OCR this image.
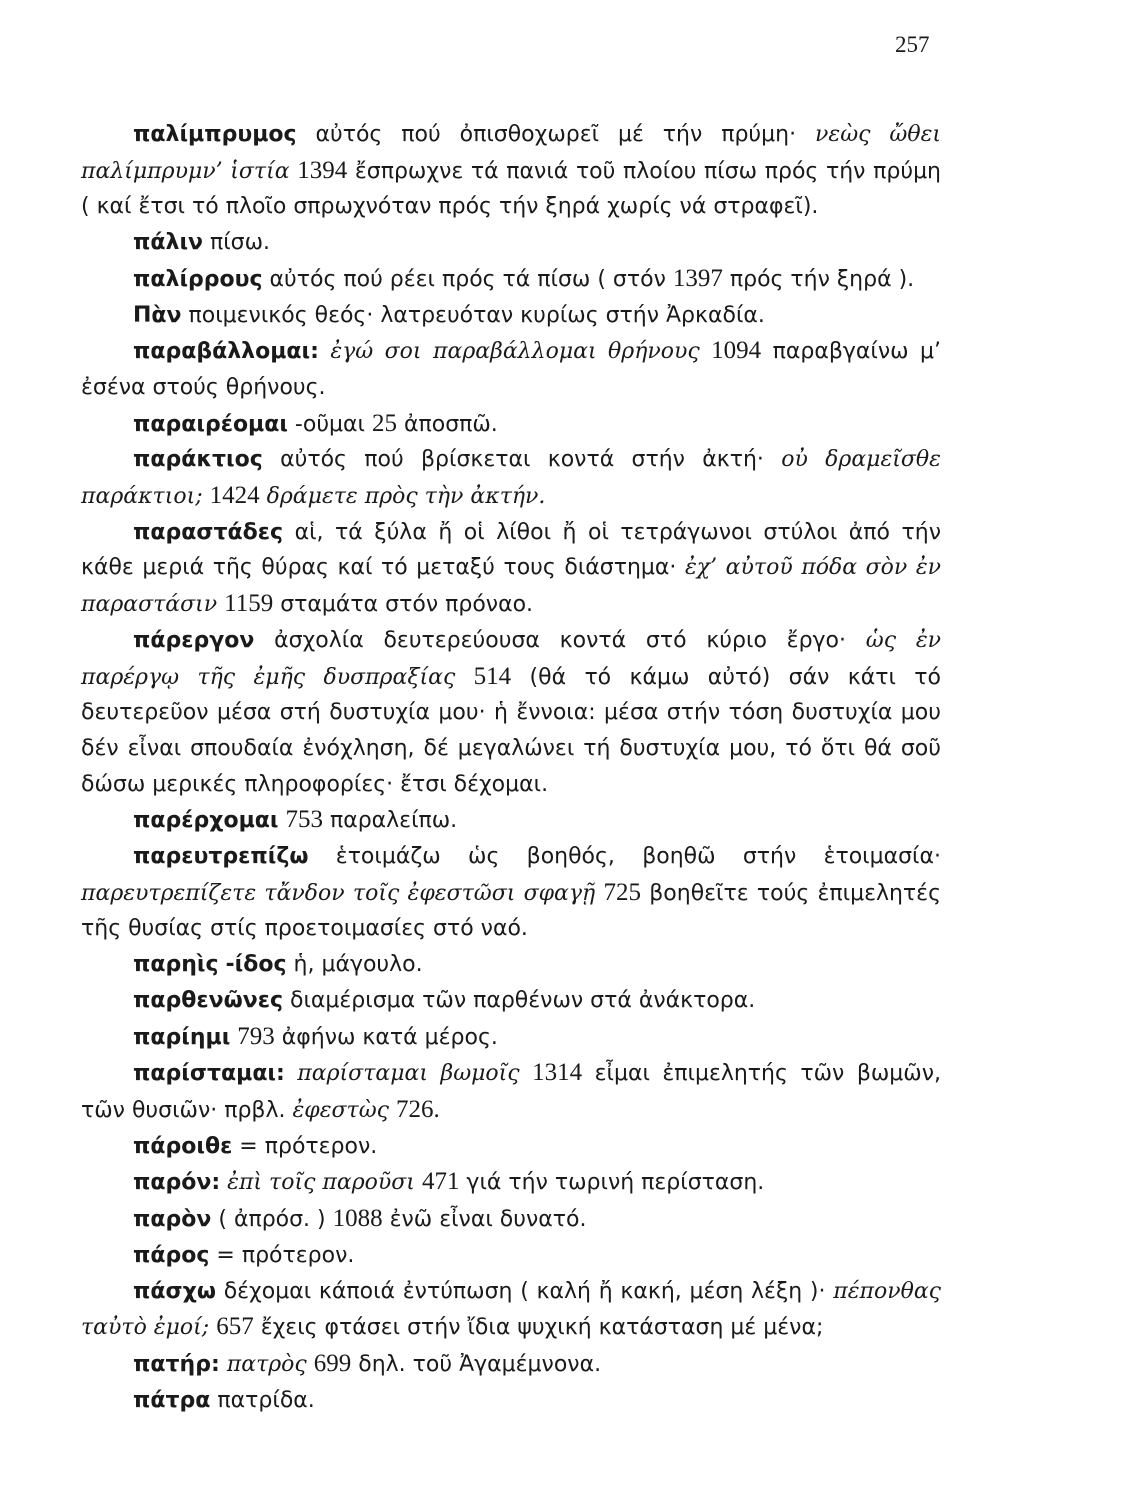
257

παλίμπρυμος αὐτός πού ὀπισθοχωρεῖ μέ τήν πρύμη· νεὼς ὤθει παλίμπρυμν’ ἱστία 1394 ἔσπρωχνε τά πανιά τοῦ πλοίου πίσω πρός τήν πρύμη ( καί ἔτσι τό πλοῖο σπρωχνόταν πρός τήν ξηρά χωρίς νά στραφεῖ).

πάλιν πίσω.

παλίρρους αὐτός πού ρέει πρός τά πίσω ( στόν 1397 πρός τήν ξηρά ).

Πὰν ποιμενικός θεός· λατρευόταν κυρίως στήν Ἀρκαδία.

παραβάλλομαι: ἐγώ σοι παραβάλλομαι θρήνους 1094 παραβγαίνω μ’ ἐσένα στούς θρήνους.

παραιρέομαι -οῦμαι 25 ἀποσπῶ.

παράκτιος αὐτός πού βρίσκεται κοντά στήν ἀκτή· οὐ δραμεῖσθε παράκτιοι; 1424 δράμετε πρὸς τὴν ἀκτήν.

παραστάδες αἱ, τά ξύλα ἤ οἱ λίθοι ἤ οἱ τετράγωνοι στύλοι ἀπό τήν κάθε μεριά τῆς θύρας καί τό μεταξύ τους διάστημα· ἐχ’ αὐτοῦ πόδα σὸν ἐν παραστάσιν 1159 σταμάτα στόν πρόναο.

πάρεργον ἀσχολία δευτερεύουσα κοντά στό κύριο ἔργο· ὡς ἐν παρέργῳ τῆς ἐμῆς δυσπραξίας 514 (θά τό κάμω αὐτό) σάν κάτι τό δευτερεῦον μέσα στή δυστυχία μου· ἡ ἔννοια: μέσα στήν τόση δυστυχία μου δέν εἶναι σπουδαία ἐνόχληση, δέ μεγαλώνει τή δυστυχία μου, τό ὅτι θά σοῦ δώσω μερικές πληροφορίες· ἔτσι δέχομαι.

παρέρχομαι 753 παραλείπω.

παρευτρεπίζω ἑτοιμάζω ὡς βοηθός, βοηθῶ στήν ἑτοιμασία· παρευτρεπίζετε τἄνδον τοῖς ἐφεστῶσι σφαγῇ 725 βοηθεῖτε τούς ἐπιμελητές τῆς θυσίας στίς προετοιμασίες στό ναό.

παρηὶς -ίδος ἡ, μάγουλο.

παρθενῶνες διαμέρισμα τῶν παρθένων στά ἀνάκτορα.

παρίημι 793 ἀφήνω κατά μέρος.

παρίσταμαι: παρίσταμαι βωμοῖς 1314 εἶμαι ἐπιμελητής τῶν βωμῶν, τῶν θυσιῶν· πρβλ. ἐφεστὼς 726.

πάροιθε = πρότερον.

παρόν: ἐπὶ τοῖς παροῦσι 471 γιά τήν τωρινή περίσταση.

παρὸν ( ἀπρόσ. ) 1088 ἐνῶ εἶναι δυνατό.

πάρος = πρότερον.

πάσχω δέχομαι κάποιά ἐντύπωση ( καλή ἤ κακή, μέση λέξη )· πέπονθας ταὐτὸ ἐμοί; 657 ἔχεις φτάσει στήν ἴδια ψυχική κατάσταση μέ μένα;

πατήρ: πατρὸς 699 δηλ. τοῦ Ἀγαμέμνονα.

πάτρα πατρίδα.
